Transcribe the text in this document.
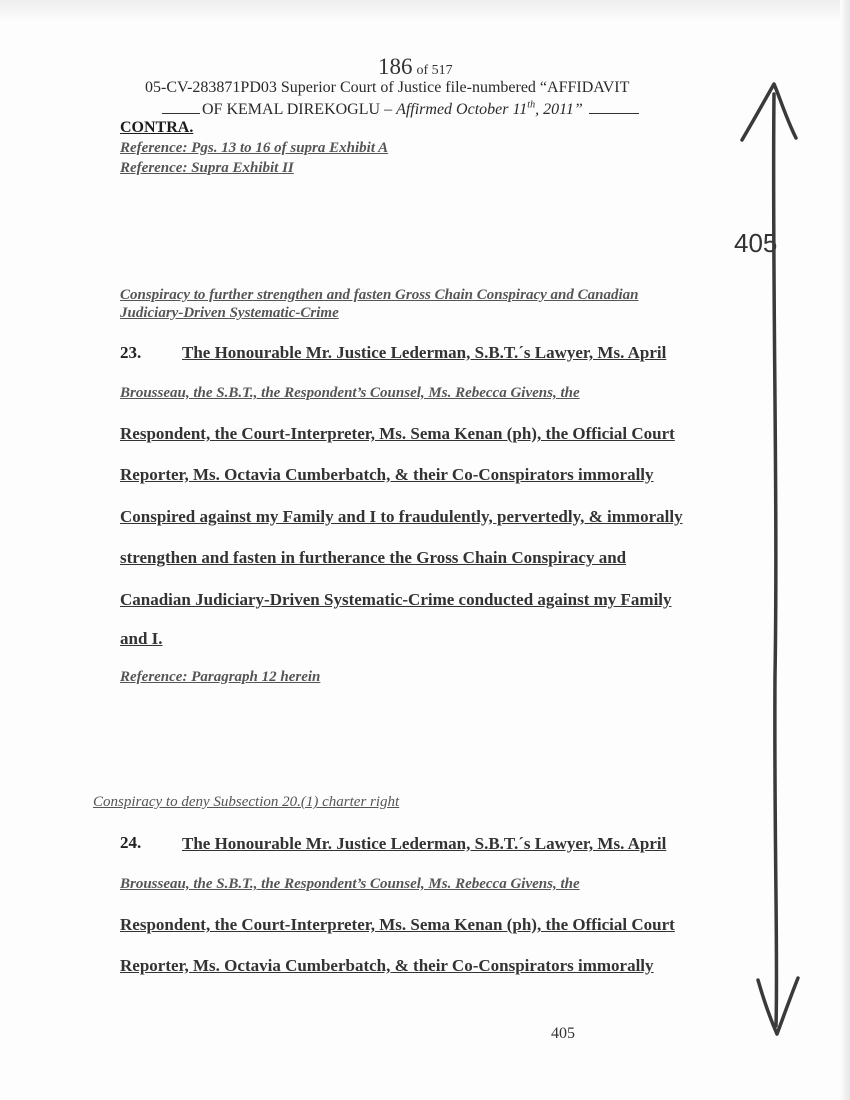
186 of 517
05-CV-283871PD03 Superior Court of Justice file-numbered “AFFIDAVIT
OF KEMAL DIREKOGLU – Affirmed October 11th, 2011”
CONTRA.
Reference: Pgs. 13 to 16 of supra Exhibit A
Reference: Supra Exhibit II
405
Conspiracy to further strengthen and fasten Gross Chain Conspiracy and Canadian
Judiciary-Driven Systematic-Crime
23. The Honourable Mr. Justice Lederman, S.B.T.´s Lawyer, Ms. April
Brousseau, the S.B.T., the Respondent’s Counsel, Ms. Rebecca Givens, the
Respondent, the Court-Interpreter, Ms. Sema Kenan (ph), the Official Court
Reporter, Ms. Octavia Cumberbatch, & their Co-Conspirators immorally
Conspired against my Family and I to fraudulently, pervertedly, & immorally
strengthen and fasten in furtherance the Gross Chain Conspiracy and
Canadian Judiciary-Driven Systematic-Crime conducted against my Family
and I.
Reference: Paragraph 12 herein
Conspiracy to deny Subsection 20.(1) charter right
24. The Honourable Mr. Justice Lederman, S.B.T.´s Lawyer, Ms. April
Brousseau, the S.B.T., the Respondent’s Counsel, Ms. Rebecca Givens, the
Respondent, the Court-Interpreter, Ms. Sema Kenan (ph), the Official Court
Reporter, Ms. Octavia Cumberbatch, & their Co-Conspirators immorally
405
